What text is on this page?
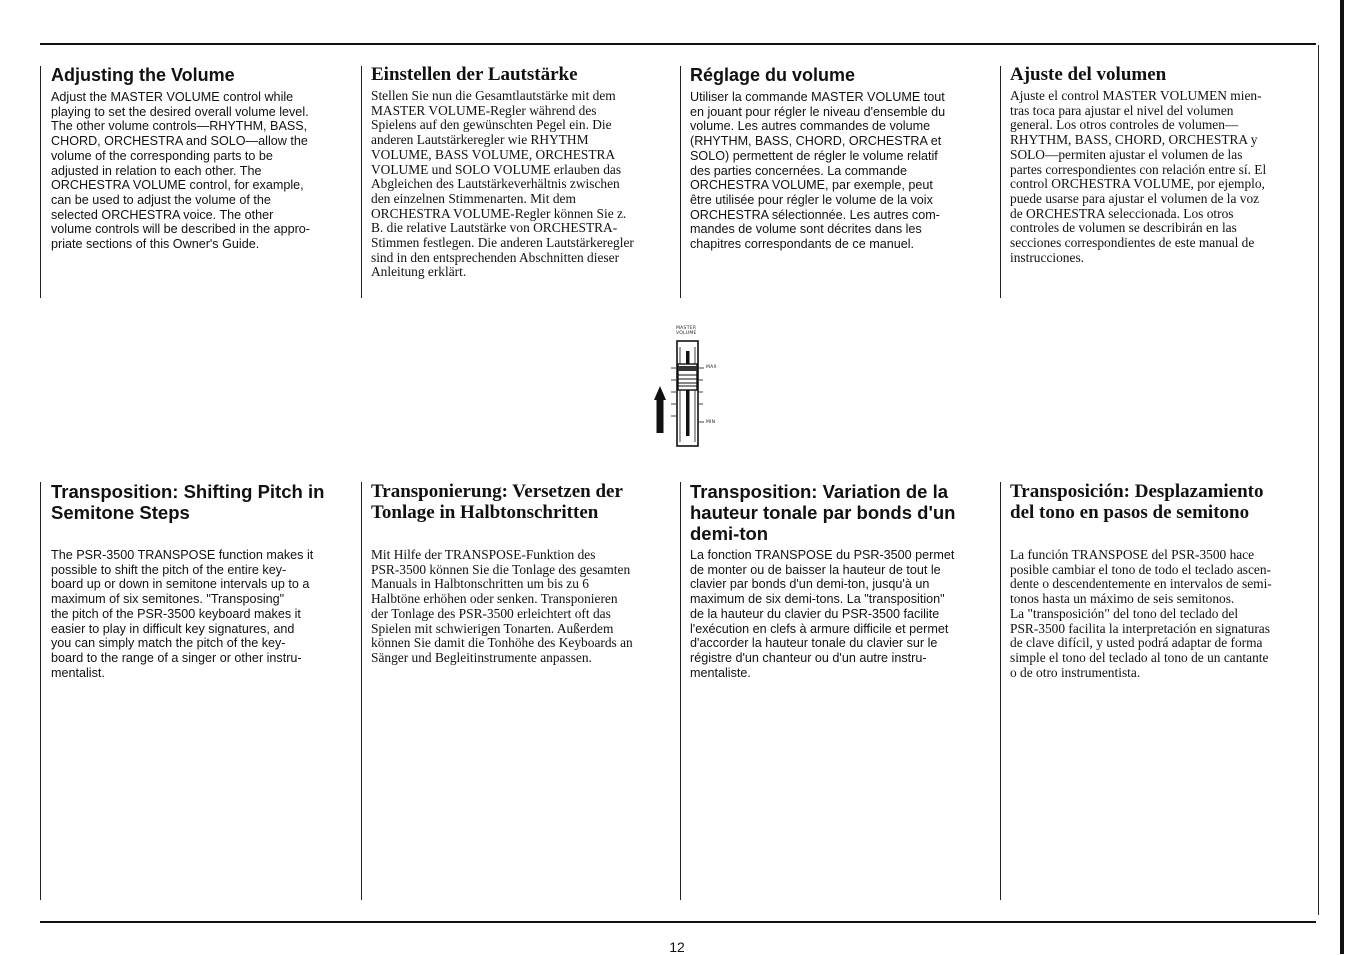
Adjusting the Volume

Adjust the MASTER VOLUME control while
playing to set the desired overall volume level.
The other volume controls—RHYTHM, BASS,
CHORD, ORCHESTRA and SOLO—allow the
volume of the corresponding parts to be
adjusted in relation to each other. The
ORCHESTRA VOLUME control, for example,
can be used to adjust the volume of the
selected ORCHESTRA voice. The other
volume controls will be described in the appro-
priate sections of this Owner's Guide.

Einstellen der Lautstärke

Stellen Sie nun die Gesamtlautstärke mit dem
MASTER VOLUME-Regler während des
Spielens auf den gewünschten Pegel ein. Die
anderen Lautstärkeregler wie RHYTHM
VOLUME, BASS VOLUME, ORCHESTRA
VOLUME und SOLO VOLUME erlauben das
Abgleichen des Lautstärkeverhältnis zwischen
den einzelnen Stimmenarten. Mit dem
ORCHESTRA VOLUME-Regler können Sie z.
B. die relative Lautstärke von ORCHESTRA-
Stimmen festlegen. Die anderen Lautstärkeregler
sind in den entsprechenden Abschnitten dieser
Anleitung erklärt.

Réglage du volume

Utiliser la commande MASTER VOLUME tout
en jouant pour régler le niveau d'ensemble du
volume. Les autres commandes de volume
(RHYTHM, BASS, CHORD, ORCHESTRA et
SOLO) permettent de régler le volume relatif
des parties concernées. La commande
ORCHESTRA VOLUME, par exemple, peut
être utilisée pour régler le volume de la voix
ORCHESTRA sélectionnée. Les autres com-
mandes de volume sont décrites dans les
chapitres correspondants de ce manuel.

Ajuste del volumen

Ajuste el control MASTER VOLUMEN mien-
tras toca para ajustar el nivel del volumen
general. Los otros controles de volumen—
RHYTHM, BASS, CHORD, ORCHESTRA y
SOLO—permiten ajustar el volumen de las
partes correspondientes con relación entre sí. El
control ORCHESTRA VOLUME, por ejemplo,
puede usarse para ajustar el volumen de la voz
de ORCHESTRA seleccionada. Los otros
controles de volumen se describirán en las
secciones correspondientes de este manual de
instrucciones.

MASTER
VOLUME
MAX
MIN
Transposition: Shifting Pitch in
Semitone Steps

The PSR-3500 TRANSPOSE function makes it
possible to shift the pitch of the entire key-
board up or down in semitone intervals up to a
maximum of six semitones. "Transposing"
the pitch of the PSR-3500 keyboard makes it
easier to play in difficult key signatures, and
you can simply match the pitch of the key-
board to the range of a singer or other instru-
mentalist.

Transponierung: Versetzen der
Tonlage in Halbtonschritten

Mit Hilfe der TRANSPOSE-Funktion des
PSR-3500 können Sie die Tonlage des gesamten
Manuals in Halbtonschritten um bis zu 6
Halbtöne erhöhen oder senken. Transponieren
der Tonlage des PSR-3500 erleichtert oft das
Spielen mit schwierigen Tonarten. Außerdem
können Sie damit die Tonhöhe des Keyboards an
Sänger und Begleitinstrumente anpassen.

Transposition: Variation de la
hauteur tonale par bonds d'un
demi-ton

La fonction TRANSPOSE du PSR-3500 permet
de monter ou de baisser la hauteur de tout le
clavier par bonds d'un demi-ton, jusqu'à un
maximum de six demi-tons. La "transposition"
de la hauteur du clavier du PSR-3500 facilite
l'exécution en clefs à armure difficile et permet
d'accorder la hauteur tonale du clavier sur le
régistre d'un chanteur ou d'un autre instru-
mentaliste.

Transposición: Desplazamiento
del tono en pasos de semitono

La función TRANSPOSE del PSR-3500 hace
posible cambiar el tono de todo el teclado ascen-
dente o descendentemente en intervalos de semi-
tonos hasta un máximo de seis semitonos.
La "transposición" del tono del teclado del
PSR-3500 facilita la interpretación en signaturas
de clave difícil, y usted podrá adaptar de forma
simple el tono del teclado al tono de un cantante
o de otro instrumentista.

12
